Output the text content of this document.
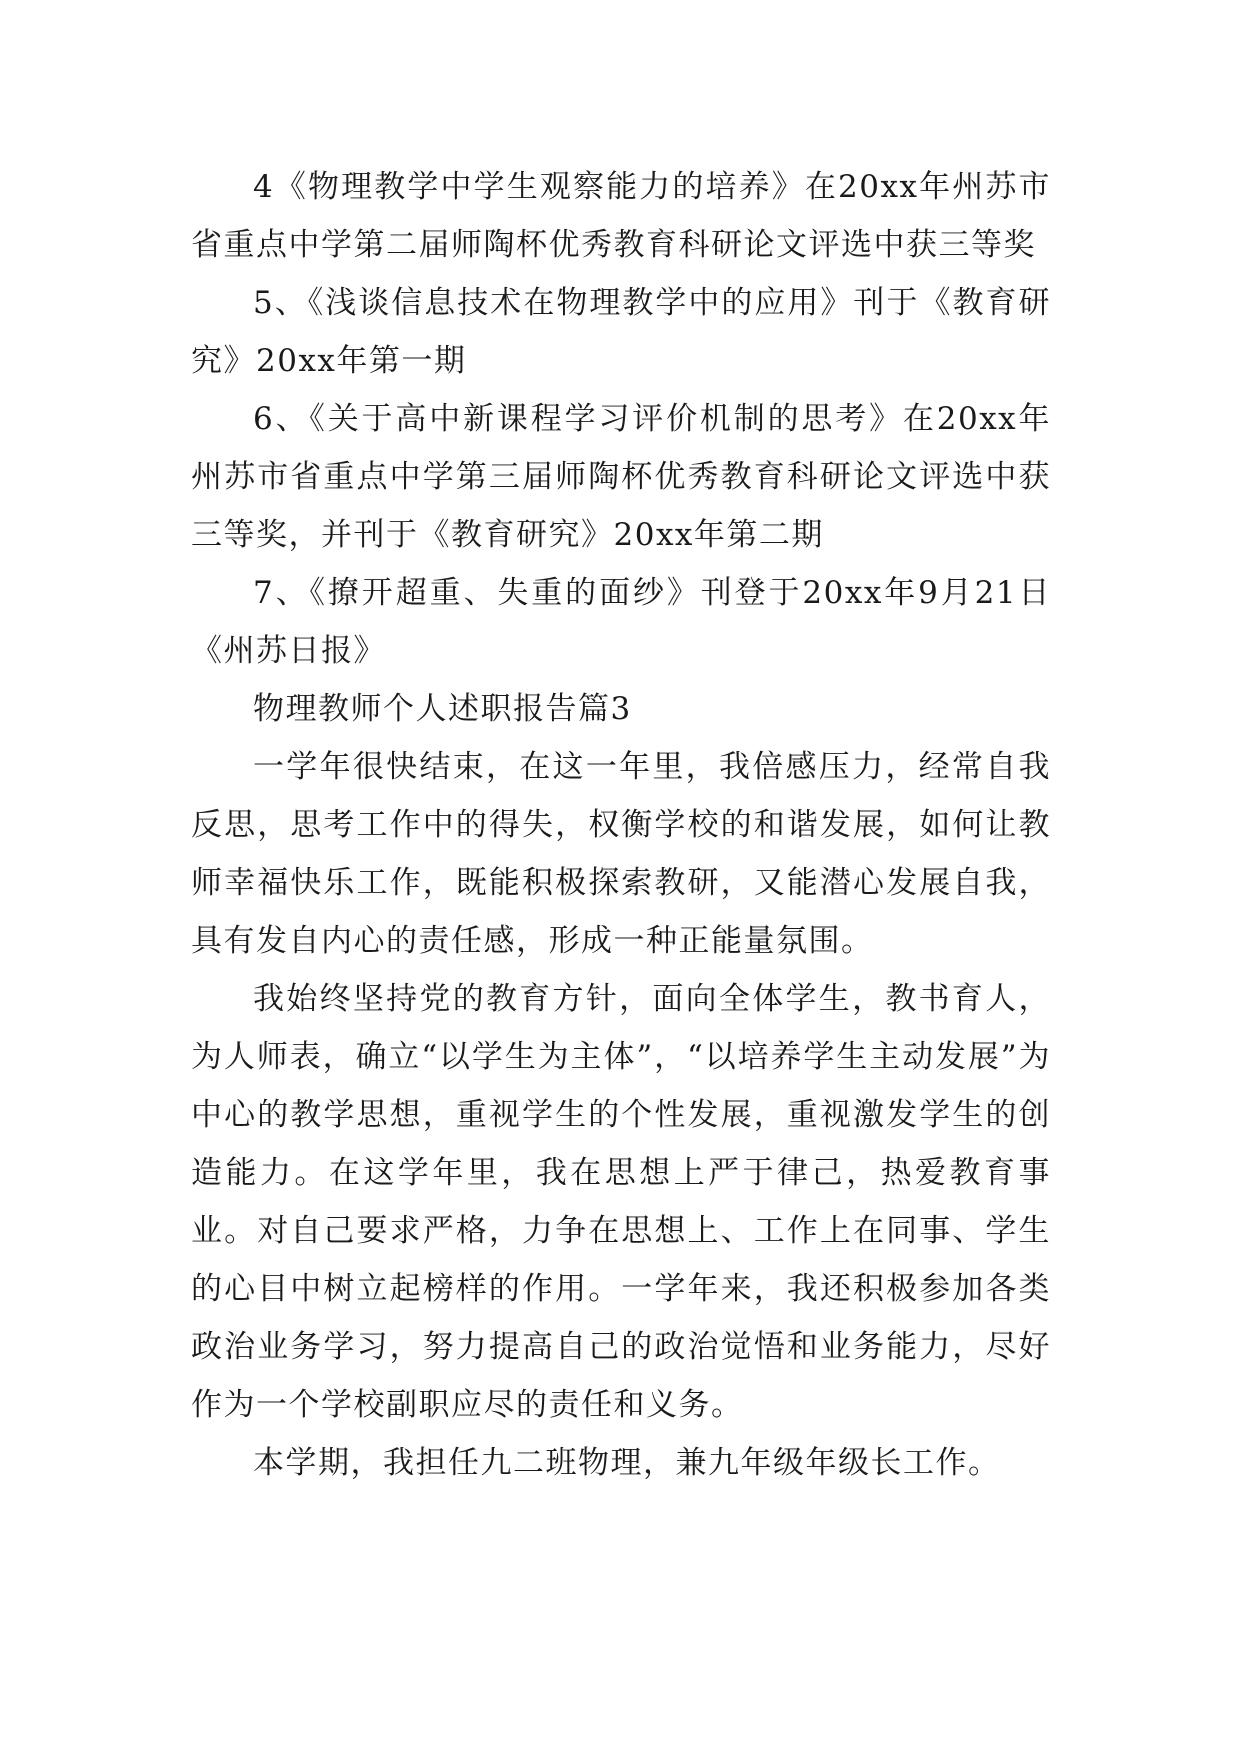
4《物理教学中学生观察能力的培养》在20xx年州苏市省重点中学第二届师陶杯优秀教育科研论文评选中获三等奖

5、《浅谈信息技术在物理教学中的应用》刊于《教育研究》20xx年第一期

6、《关于高中新课程学习评价机制的思考》在20xx年州苏市省重点中学第三届师陶杯优秀教育科研论文评选中获三等奖，并刊于《教育研究》20xx年第二期

7、《撩开超重、失重的面纱》刊登于20xx年9月21日《州苏日报》

物理教师个人述职报告篇3

一学年很快结束，在这一年里，我倍感压力，经常自我反思，思考工作中的得失，权衡学校的和谐发展，如何让教师幸福快乐工作，既能积极探索教研，又能潜心发展自我，具有发自内心的责任感，形成一种正能量氛围。

我始终坚持党的教育方针，面向全体学生，教书育人，为人师表，确立“以学生为主体”，“以培养学生主动发展”为中心的教学思想，重视学生的个性发展，重视激发学生的创造能力。在这学年里，我在思想上严于律己，热爱教育事业。对自己要求严格，力争在思想上、工作上在同事、学生的心目中树立起榜样的作用。一学年来，我还积极参加各类政治业务学习，努力提高自己的政治觉悟和业务能力，尽好作为一个学校副职应尽的责任和义务。

本学期，我担任九二班物理，兼九年级年级长工作。
